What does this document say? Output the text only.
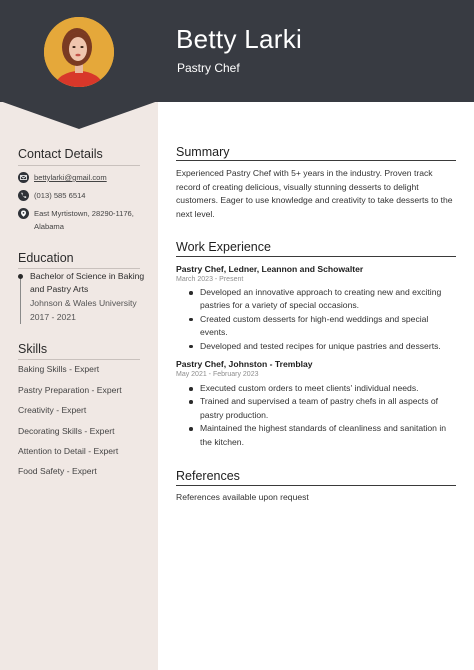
Betty Larki
Pastry Chef
Contact Details
bettylarki@gmail.com
(013) 585 6514
East Myrtistown, 28290-1176, Alabama
Education
Bachelor of Science in Baking and Pastry Arts
Johnson & Wales University
2017 - 2021
Skills
Baking Skills - Expert
Pastry Preparation - Expert
Creativity - Expert
Decorating Skills - Expert
Attention to Detail - Expert
Food Safety - Expert
Summary
Experienced Pastry Chef with 5+ years in the industry. Proven track record of creating delicious, visually stunning desserts to delight customers. Eager to use knowledge and creativity to take desserts to the next level.
Work Experience
Pastry Chef, Ledner, Leannon and Schowalter
March 2023 - Present
Developed an innovative approach to creating new and exciting pastries for a variety of special occasions.
Created custom desserts for high-end weddings and special events.
Developed and tested recipes for unique pastries and desserts.
Pastry Chef, Johnston - Tremblay
May 2021 - February 2023
Executed custom orders to meet clients' individual needs.
Trained and supervised a team of pastry chefs in all aspects of pastry production.
Maintained the highest standards of cleanliness and sanitation in the kitchen.
References
References available upon request
